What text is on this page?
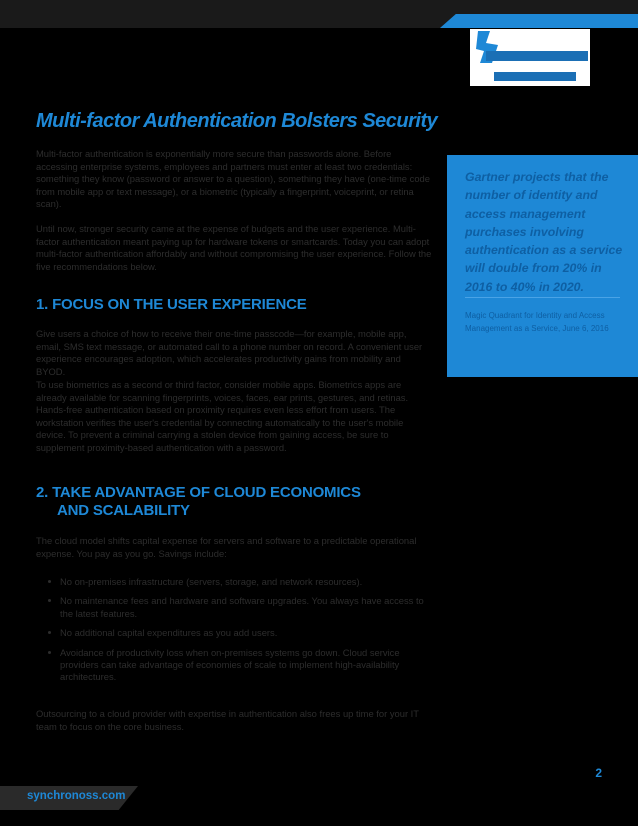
Multi-factor Authentication Bolsters Security

Multi-factor authentication is exponentially more secure than passwords alone. Before accessing enterprise systems, employees and partners must enter at least two credentials: something they know (password or answer to a question), something they have (one-time code from mobile app or text message), or a biometric (typically a fingerprint, voiceprint, or retina scan).

Until now, stronger security came at the expense of budgets and the user experience. Multi-factor authentication meant paying up for hardware tokens or smartcards. Today you can adopt multi-factor authentication affordably and without compromising the user experience. Follow the five recommendations below.

1. FOCUS ON THE USER EXPERIENCE

Give users a choice of how to receive their one-time passcode—for example, mobile app, email, SMS text message, or automated call to a phone number on record. A convenient user experience encourages adoption, which accelerates productivity gains from mobility and BYOD.

To use biometrics as a second or third factor, consider mobile apps. Biometrics apps are already available for scanning fingerprints, voices, faces, ear prints, gestures, and retinas. Hands-free authentication based on proximity requires even less effort from users. The workstation verifies the user's credential by connecting automatically to the user's mobile device. To prevent a criminal carrying a stolen device from gaining access, be sure to supplement proximity-based authentication with a password.

2. TAKE ADVANTAGE OF CLOUD ECONOMICS
AND SCALABILITY

The cloud model shifts capital expense for servers and software to a predictable operational expense. You pay as you go. Savings include:

No on-premises infrastructure (servers, storage, and network resources).
No maintenance fees and hardware and software upgrades. You always have access to the latest features.
No additional capital expenditures as you add users.
Avoidance of productivity loss when on-premises systems go down. Cloud service providers can take advantage of economies of scale to implement high-availability architectures.

Outsourcing to a cloud provider with expertise in authentication also frees up time for your IT team to focus on the core business.

Gartner projects that the number of identity and access management purchases involving authentication as a service will double from 20% in 2016 to 40% in 2020.

Magic Quadrant for Identity and Access Management as a Service, June 6, 2016

2
synchronoss.com
